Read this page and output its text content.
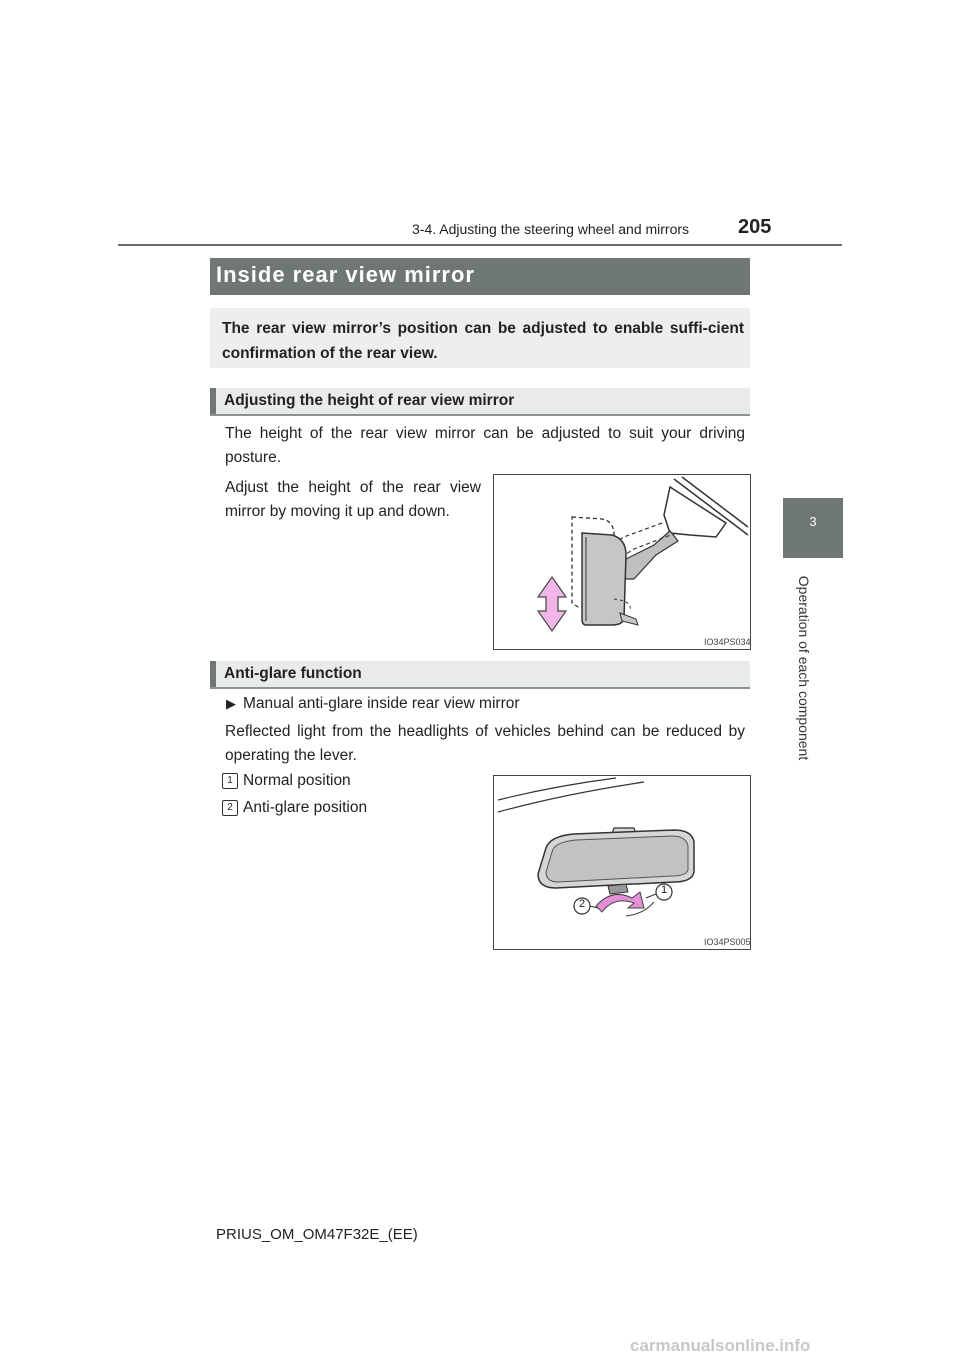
3-4. Adjusting the steering wheel and mirrors 205
3
Operation of each component
Inside rear view mirror
The rear view mirror’s position can be adjusted to enable suffi-cient confirmation of the rear view.
Adjusting the height of rear view mirror
The height of the rear view mirror can be adjusted to suit your driving posture.
Adjust the height of the rear view mirror by moving it up and down.
IO34PS034
Anti-glare function
▶ Manual anti-glare inside rear view mirror
Reflected light from the headlights of vehicles behind can be reduced by operating the lever.
1 Normal position
2 Anti-glare position
1
2
IO34PS005
PRIUS_OM_OM47F32E_(EE)
carmanualsonline.info
